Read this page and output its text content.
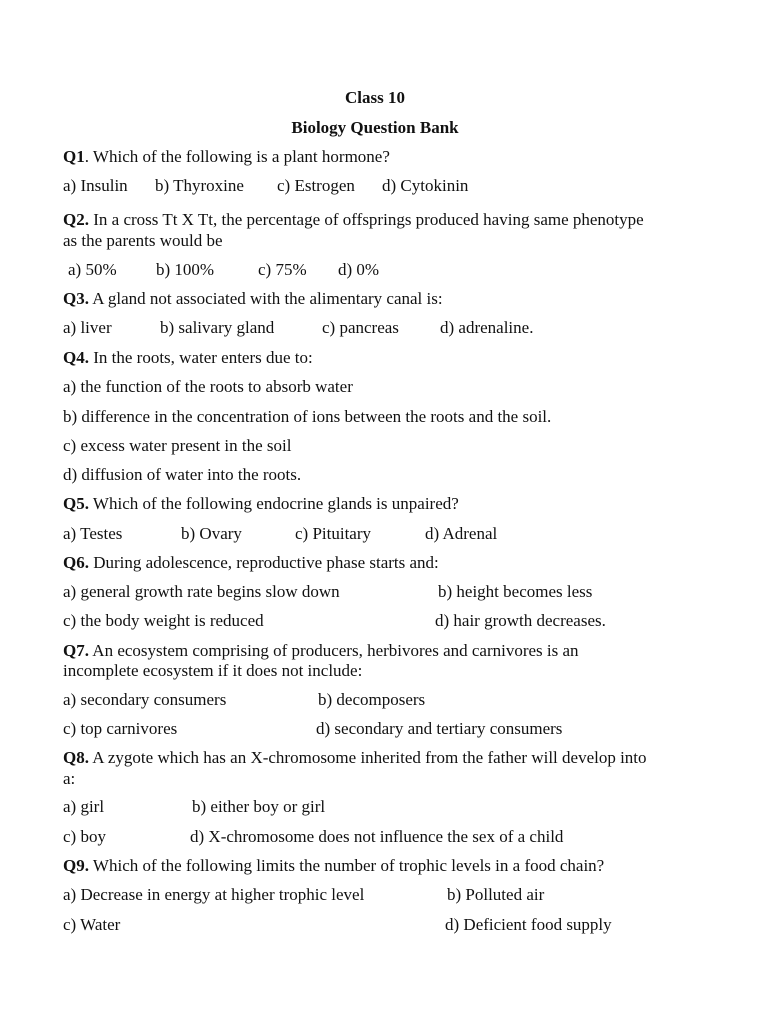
Class 10
Biology Question Bank
Q1. Which of the following is a plant hormone?
a) Insulin b) Thyroxine c) Estrogen d) Cytokinin
Q2. In a cross Tt X Tt, the percentage of offsprings produced having same phenotype
as the parents would be
a) 50% b) 100%	c) 75% d) 0%
Q3. A gland not associated with the alimentary canal is:
a) liver	b) salivary gland	c) pancreas d) adrenaline.
Q4. In the roots, water enters due to:
a) the function of the roots to absorb water
b) difference in the concentration of ions between the roots and the soil.
c) excess water present in the soil
d) diffusion of water into the roots.
Q5. Which of the following endocrine glands is unpaired?
a) Testes	b) Ovary	c) Pituitary	d) Adrenal
Q6. During adolescence, reproductive phase starts and:
a) general growth rate begins slow down	b) height becomes less
c) the body weight is reduced	d) hair growth decreases.
Q7. An ecosystem comprising of producers, herbivores and carnivores is an
incomplete ecosystem if it does not include:
a) secondary consumers	b) decomposers
c) top carnivores	d) secondary and tertiary consumers
Q8. A zygote which has an X-chromosome inherited from the father will develop into
a:
a) girl	b) either boy or girl
c) boy	d) X-chromosome does not influence the sex of a child
Q9. Which of the following limits the number of trophic levels in a food chain?
a) Decrease in energy at higher trophic level	b) Polluted air
c) Water	d) Deficient food supply
